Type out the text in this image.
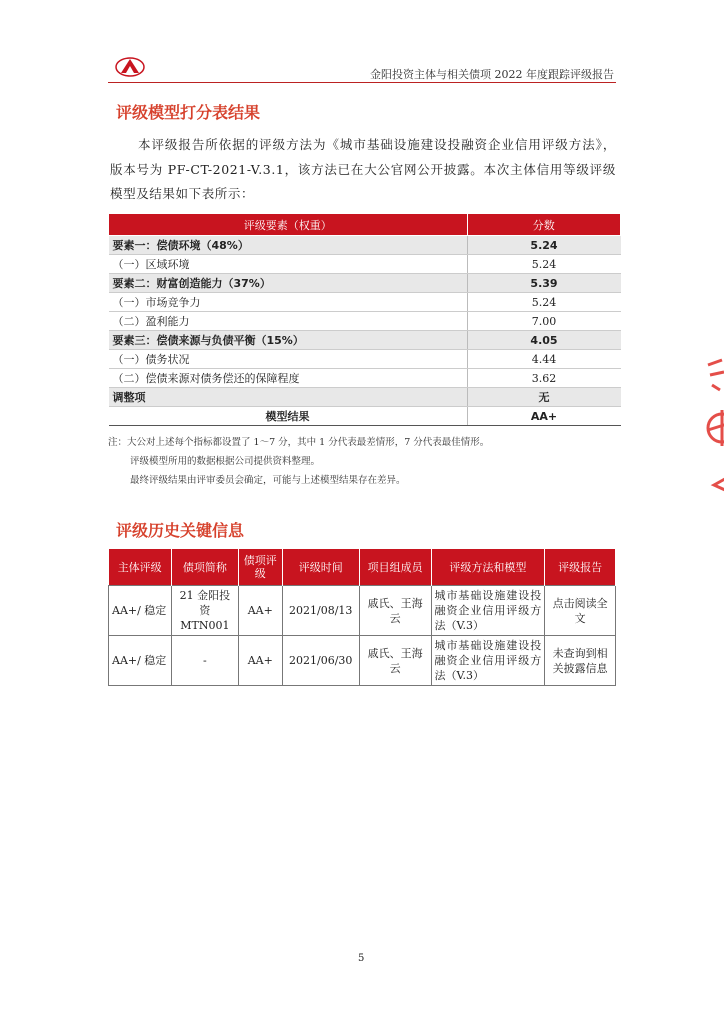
金阳投资主体与相关债项 2022 年度跟踪评级报告
评级模型打分表结果
本评级报告所依据的评级方法为《城市基础设施建设投融资企业信用评级方法》，版本号为 PF-CT-2021-V.3.1，该方法已在大公官网公开披露。本次主体信用等级评级模型及结果如下表所示：
评级要素（权重）	分数
要素一：偿债环境（48%）	5.24
（一）区域环境	5.24
要素二：财富创造能力（37%）	5.39
（一）市场竞争力	5.24
（二）盈利能力	7.00
要素三：偿债来源与负债平衡（15%）	4.05
（一）债务状况	4.44
（二）偿债来源对债务偿还的保障程度	3.62
调整项	无
模型结果	AA+
注：大公对上述每个指标都设置了 1～7 分，其中 1 分代表最差情形，7 分代表最佳情形。
评级模型所用的数据根据公司提供资料整理。
最终评级结果由评审委员会确定，可能与上述模型结果存在差异。
评级历史关键信息
主体评级	债项简称	债项评级	评级时间	项目组成员	评级方法和模型	评级报告
AA+/ 稳定	21 金阳投资 MTN001	AA+	2021/08/13	戚氏、王海云	城市基础设施建设投融资企业信用评级方法（V.3）	点击阅读全文
AA+/ 稳定	-	AA+	2021/06/30	戚氏、王海云	城市基础设施建设投融资企业信用评级方法（V.3）	未查询到相关披露信息
5
